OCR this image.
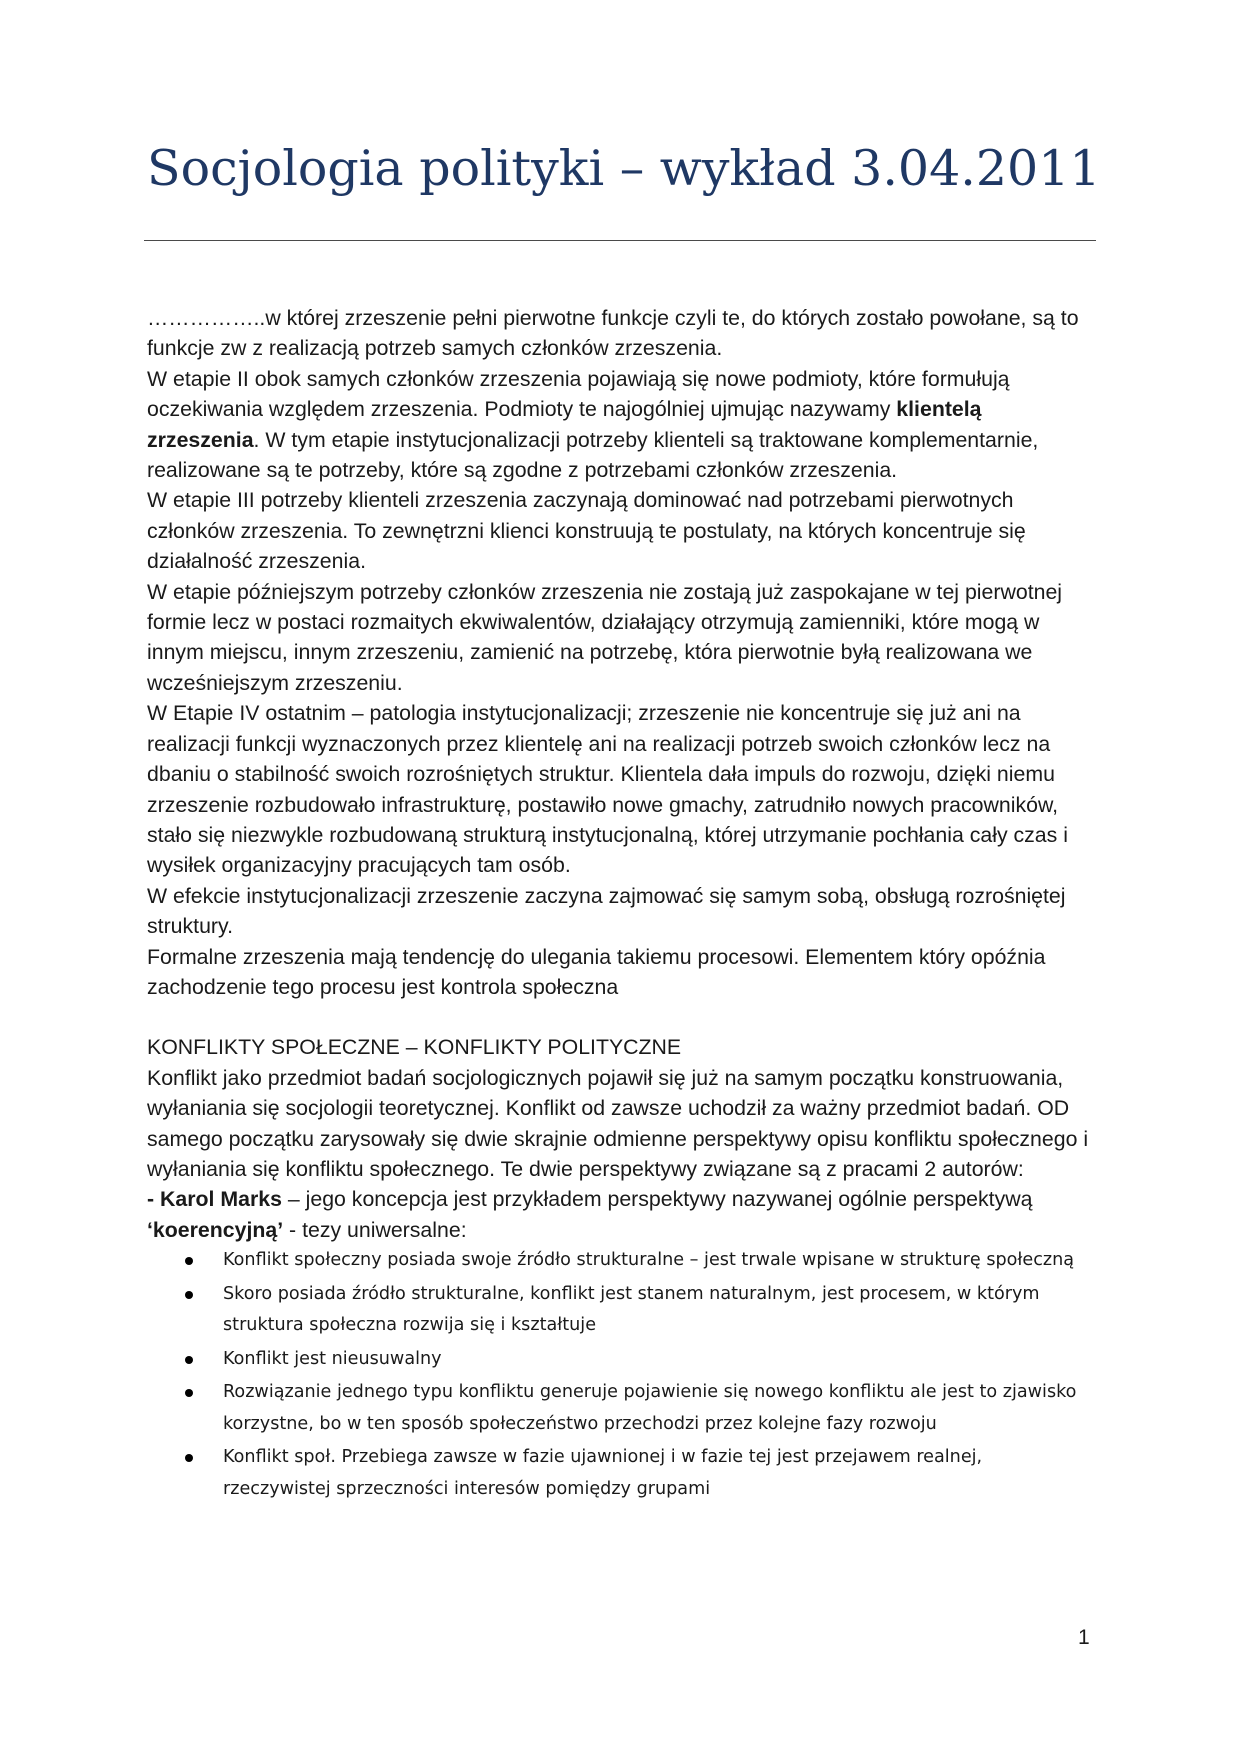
Socjologia polityki – wykład 3.04.2011

……………..w której zrzeszenie pełni pierwotne funkcje czyli te, do których zostało powołane, są to funkcje zw z realizacją potrzeb samych członków zrzeszenia.

W etapie II obok samych członków zrzeszenia pojawiają się nowe podmioty, które formułują oczekiwania względem zrzeszenia. Podmioty te najogólniej ujmując nazywamy klientelą zrzeszenia. W tym etapie instytucjonalizacji potrzeby klienteli są traktowane komplementarnie, realizowane są te potrzeby, które są zgodne z potrzebami członków zrzeszenia.

W etapie III potrzeby klienteli zrzeszenia zaczynają dominować nad potrzebami pierwotnych członków zrzeszenia. To zewnętrzni klienci konstruują te postulaty, na których koncentruje się działalność zrzeszenia.

W etapie późniejszym potrzeby członków zrzeszenia nie zostają już zaspokajane w tej pierwotnej formie lecz w postaci rozmaitych ekwiwalentów, działający otrzymują zamienniki, które mogą w innym miejscu, innym zrzeszeniu, zamienić na potrzebę, która pierwotnie byłą realizowana we wcześniejszym zrzeszeniu.

W Etapie IV ostatnim – patologia instytucjonalizacji; zrzeszenie nie koncentruje się już ani na realizacji funkcji wyznaczonych przez klientelę ani na realizacji potrzeb swoich członków lecz na dbaniu o stabilność swoich rozrośniętych struktur. Klientela dała impuls do rozwoju, dzięki niemu zrzeszenie rozbudowało infrastrukturę, postawiło nowe gmachy, zatrudniło nowych pracowników, stało się niezwykle rozbudowaną strukturą instytucjonalną, której utrzymanie pochłania cały czas i wysiłek organizacyjny pracujących tam osób.

W efekcie instytucjonalizacji zrzeszenie zaczyna zajmować się samym sobą, obsługą rozrośniętej struktury.

Formalne zrzeszenia mają tendencję do ulegania takiemu procesowi. Elementem który opóźnia zachodzenie tego procesu jest kontrola społeczna

KONFLIKTY SPOŁECZNE – KONFLIKTY POLITYCZNE

Konflikt jako przedmiot badań socjologicznych pojawił się już na samym początku konstruowania, wyłaniania się socjologii teoretycznej. Konflikt od zawsze uchodził za ważny przedmiot badań. OD samego początku zarysowały się dwie skrajnie odmienne perspektywy opisu konfliktu społecznego i wyłaniania się konfliktu społecznego. Te dwie perspektywy związane są z pracami 2 autorów:

- Karol Marks – jego koncepcja jest przykładem perspektywy nazywanej ogólnie perspektywą ‘koerencyjną’ - tezy uniwersalne:

Konflikt społeczny posiada swoje źródło strukturalne – jest trwale wpisane w strukturę społeczną
Skoro posiada źródło strukturalne, konflikt jest stanem naturalnym, jest procesem, w którym struktura społeczna rozwija się i kształtuje
Konflikt jest nieusuwalny
Rozwiązanie jednego typu konfliktu generuje pojawienie się nowego konfliktu ale jest to zjawisko korzystne, bo w ten sposób społeczeństwo przechodzi przez kolejne fazy rozwoju
Konflikt społ. Przebiega zawsze w fazie ujawnionej i w fazie tej jest przejawem realnej, rzeczywistej sprzeczności interesów pomiędzy grupami
1
